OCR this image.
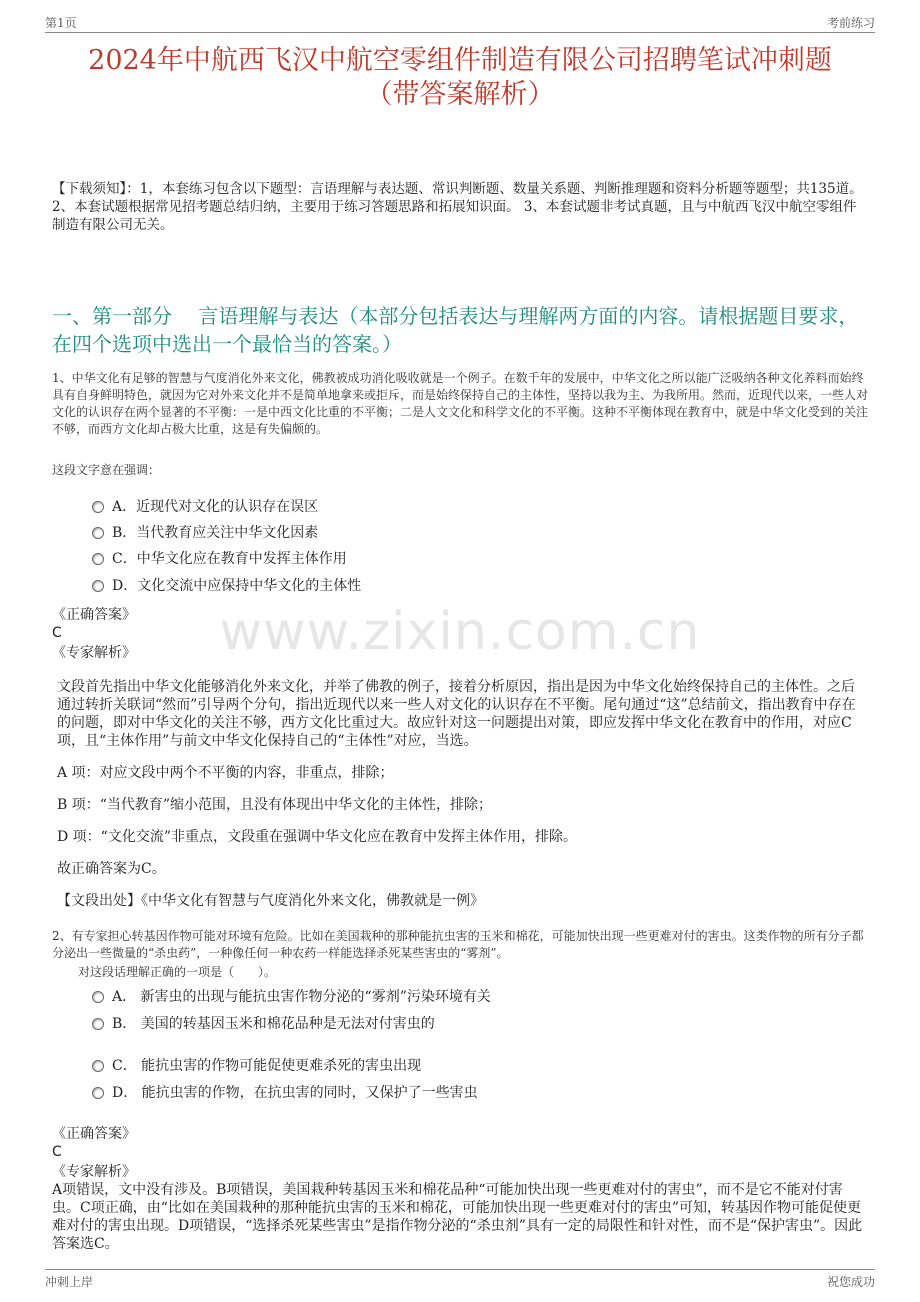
第1页	考前练习
2024年中航西飞汉中航空零组件制造有限公司招聘笔试冲刺题
（带答案解析）
【下载须知】：1，本套练习包含以下题型：言语理解与表达题、常识判断题、数量关系题、判断推理题和资料分析题等题型；共135道。 2、本套试题根据常见招考题总结归纳，主要用于练习答题思路和拓展知识面。 3、本套试题非考试真题，且与中航西飞汉中航空零组件制造有限公司无关。
一、第一部分　 言语理解与表达（本部分包括表达与理解两方面的内容。请根据题目要求，在四个选项中选出一个最恰当的答案。）
1、中华文化有足够的智慧与气度消化外来文化，佛教被成功消化吸收就是一个例子。在数千年的发展中，中华文化之所以能广泛吸纳各种文化养料而始终具有自身鲜明特色，就因为它对外来文化并不是简单地拿来或拒斥，而是始终保持自己的主体性，坚持以我为主、为我所用。然而，近现代以来，一些人对文化的认识存在两个显著的不平衡：一是中西文化比重的不平衡；二是人文文化和科学文化的不平衡。这种不平衡体现在教育中，就是中华文化受到的关注不够，而西方文化却占极大比重，这是有失偏颇的。
这段文字意在强调：
A．近现代对文化的认识存在误区
B．当代教育应关注中华文化因素
C．中华文化应在教育中发挥主体作用
D．文化交流中应保持中华文化的主体性
《正确答案》
C
《专家解析》
文段首先指出中华文化能够消化外来文化，并举了佛教的例子，接着分析原因，指出是因为中华文化始终保持自己的主体性。之后通过转折关联词“然而”引导两个分句，指出近现代以来一些人对文化的认识存在不平衡。尾句通过“这”总结前文，指出教育中存在的问题，即对中华文化的关注不够，西方文化比重过大。故应针对这一问题提出对策，即应发挥中华文化在教育中的作用，对应C 项，且“主体作用”与前文中华文化保持自己的“主体性”对应，当选。
A 项：对应文段中两个不平衡的内容，非重点，排除；
B 项：“当代教育”缩小范围，且没有体现出中华文化的主体性，排除；
D 项：“文化交流”非重点，文段重在强调中华文化应在教育中发挥主体作用，排除。
故正确答案为C。
【文段出处】《中华文化有智慧与气度消化外来文化，佛教就是一例》
2、有专家担心转基因作物可能对环境有危险。比如在美国栽种的那种能抗虫害的玉米和棉花，可能加快出现一些更难对付的害虫。这类作物的所有分子都分泌出一些微量的“杀虫药”，一种像任何一种农药一样能选择杀死某些害虫的“雾剂”。
对这段话理解正确的一项是（　　）。
A． 新害虫的出现与能抗虫害作物分泌的“雾剂”污染环境有关
B． 美国的转基因玉米和棉花品种是无法对付害虫的
C． 能抗虫害的作物可能促使更难杀死的害虫出现
D． 能抗虫害的作物，在抗虫害的同时，又保护了一些害虫
《正确答案》
C
《专家解析》
A项错误，文中没有涉及。B项错误，美国栽种转基因玉米和棉花品种“可能加快出现一些更难对付的害虫”，而不是它不能对付害虫。C项正确，由“比如在美国栽种的那种能抗虫害的玉米和棉花，可能加快出现一些更难对付的害虫”可知，转基因作物可能促使更难对付的害虫出现。D项错误，“选择杀死某些害虫”是指作物分泌的“杀虫剂”具有一定的局限性和针对性，而不是“保护害虫”。因此答案选C。
www.zixin.com.cn
冲刺上岸	祝您成功
